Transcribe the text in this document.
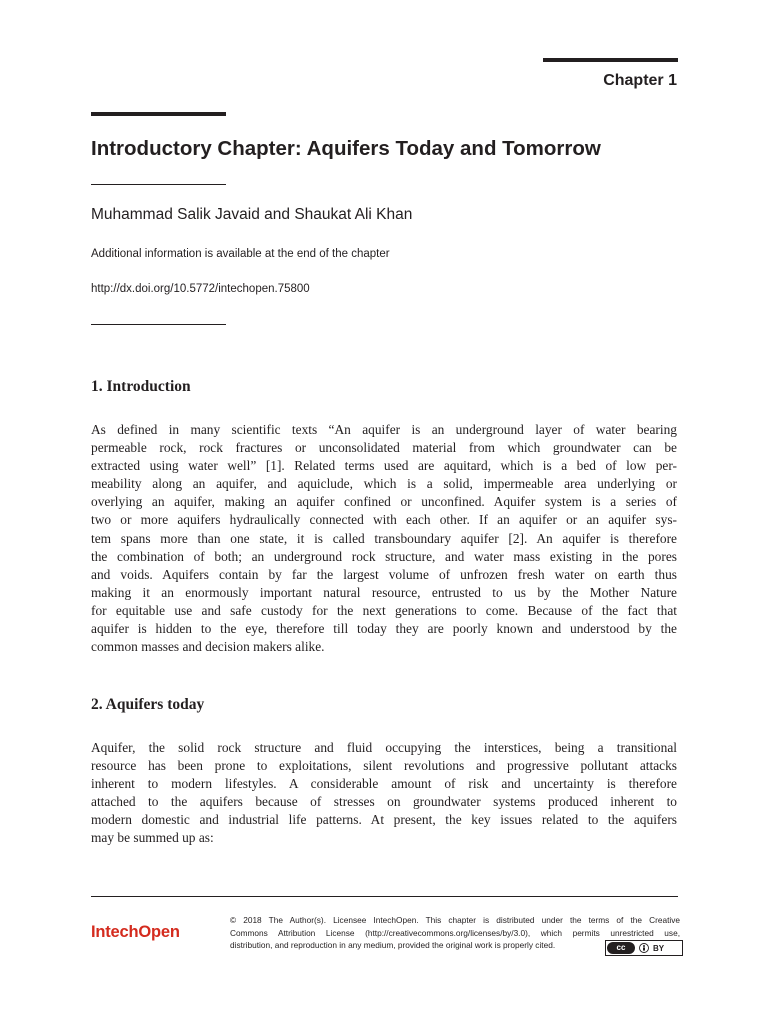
Chapter 1
Introductory Chapter: Aquifers Today and Tomorrow
Muhammad Salik Javaid and Shaukat Ali Khan
Additional information is available at the end of the chapter
http://dx.doi.org/10.5772/intechopen.75800
1. Introduction
As defined in many scientific texts “An aquifer is an underground layer of water bearing
permeable rock, rock fractures or unconsolidated material from which groundwater can be
extracted using water well” [1]. Related terms used are aquitard, which is a bed of low per-
meability along an aquifer, and aquiclude, which is a solid, impermeable area underlying or
overlying an aquifer, making an aquifer confined or unconfined. Aquifer system is a series of
two or more aquifers hydraulically connected with each other. If an aquifer or an aquifer sys-
tem spans more than one state, it is called transboundary aquifer [2]. An aquifer is therefore
the combination of both; an underground rock structure, and water mass existing in the pores
and voids. Aquifers contain by far the largest volume of unfrozen fresh water on earth thus
making it an enormously important natural resource, entrusted to us by the Mother Nature
for equitable use and safe custody for the next generations to come. Because of the fact that
aquifer is hidden to the eye, therefore till today they are poorly known and understood by the
common masses and decision makers alike.
2. Aquifers today
Aquifer, the solid rock structure and fluid occupying the interstices, being a transitional
resource has been prone to exploitations, silent revolutions and progressive pollutant attacks
inherent to modern lifestyles. A considerable amount of risk and uncertainty is therefore
attached to the aquifers because of stresses on groundwater systems produced inherent to
modern domestic and industrial life patterns. At present, the key issues related to the aquifers
may be summed up as:
IntechOpen
© 2018 The Author(s). Licensee IntechOpen. This chapter is distributed under the terms of the Creative
Commons Attribution License (http://creativecommons.org/licenses/by/3.0), which permits unrestricted use,
distribution, and reproduction in any medium, provided the original work is properly cited.	cc	BY
